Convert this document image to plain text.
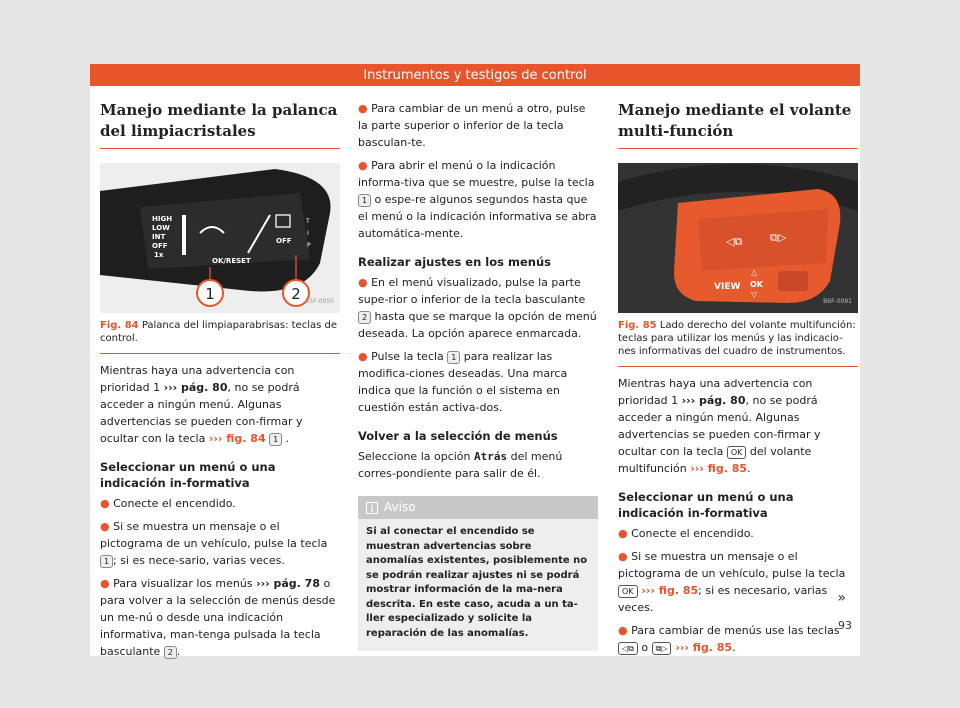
Instrumentos y testigos de control
Manejo mediante la palanca del limpiacristales
HIGH
LOW
INT
OFF
1x
OK/RESET
OFF
T
I
P
1	2 B5F-0950
Fig. 84 Palanca del limpiaparabrisas: teclas de control.

Mientras haya una advertencia con prioridad 1 ››› pág. 80, no se podrá acceder a ningún menú. Algunas advertencias se pueden con-firmar y ocultar con la tecla ››› fig. 84 1 .

Seleccionar un menú o una indicación in-formativa

● Conecte el encendido.

● Si se muestra un mensaje o el pictograma de un vehículo, pulse la tecla 1 ; si es nece-sario, varias veces.

● Para visualizar los menús ››› pág. 78 o para volver a la selección de menús desde un me-nú o desde una indicación informativa, man-tenga pulsada la tecla basculante 2 .

● Para cambiar de un menú a otro, pulse la parte superior o inferior de la tecla basculan-te.

● Para abrir el menú o la indicación informa-tiva que se muestre, pulse la tecla 1 o espe-re algunos segundos hasta que el menú o la indicación informativa se abra automática-mente.

Realizar ajustes en los menús

● En el menú visualizado, pulse la parte supe-rior o inferior de la tecla basculante 2 hasta que se marque la opción de menú deseada. La opción aparece enmarcada.

● Pulse la tecla 1 para realizar las modifica-ciones deseadas. Una marca indica que la función o el sistema en cuestión están activa-dos.

Volver a la selección de menús

Seleccione la opción Atrás del menú corres-pondiente para salir de él.

Aviso
Si al conectar el encendido se muestran advertencias sobre anomalías existentes, posiblemente no se podrán realizar ajustes ni se podrá mostrar información de la ma-nera descrita. En este caso, acuda a un ta-ller especializado y solicite la reparación de las anomalías.
Manejo mediante el volante multi-función
◁⧉	⧉▷
VIEW
△
OK
▽
B6F-0091
Fig. 85 Lado derecho del volante multifunción: teclas para utilizar los menús y las indicacio-nes informativas del cuadro de instrumentos.

Mientras haya una advertencia con prioridad 1 ››› pág. 80, no se podrá acceder a ningún menú. Algunas advertencias se pueden con-firmar y ocultar con la tecla OK del volante multifunción ››› fig. 85.

Seleccionar un menú o una indicación in-formativa

● Conecte el encendido.

● Si se muestra un mensaje o el pictograma de un vehículo, pulse la tecla OK ››› fig. 85; si es necesario, varias veces.

● Para cambiar de menús use las teclas ◁⧉ o ⧉▷ ››› fig. 85.

»
93
